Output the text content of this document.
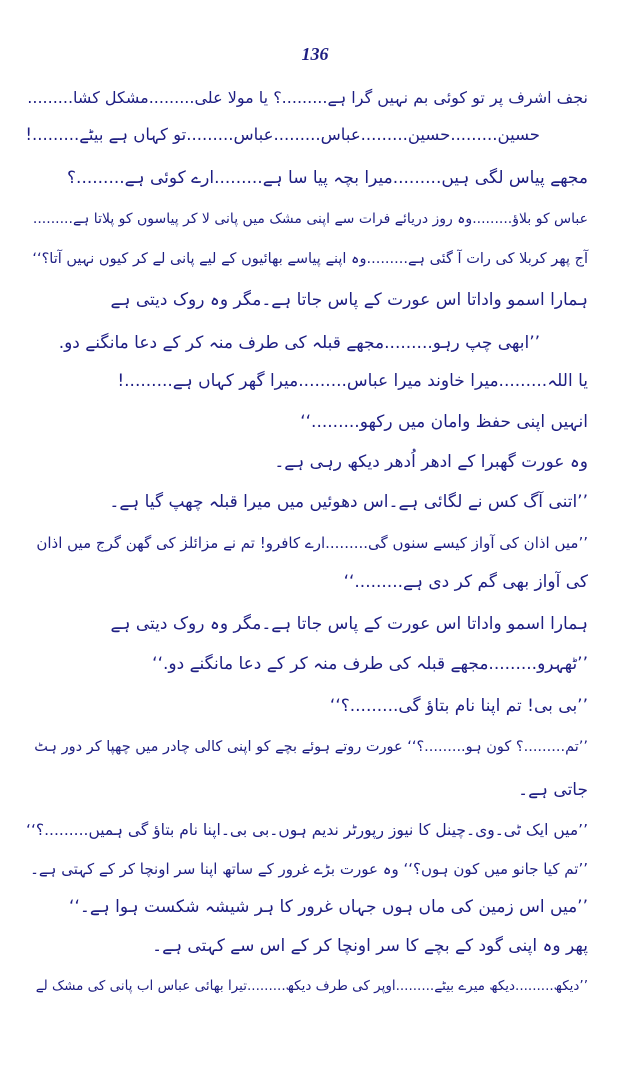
136
نجف اشرف پر تو کوئی بم نہیں گرا ہے.........؟ یا مولا علی.........مشکل کشا.........
حسین.........حسین.........عباس.........عباس.........تو کہاں ہے بیٹے.........!
مجھے پیاس لگی ہیں.........میرا بچہ پیا سا ہے.........ارے کوئی ہے.........؟
عباس کو بلاؤ.........وہ روز دریائے فرات سے اپنی مشک میں پانی لا کر پیاسوں کو پلاتا ہے.........
آج پھر کربلا کی رات آ گئی ہے.........وہ اپنے پیاسے بھائیوں کے لیے پانی لے کر کیوں نہیں آتا؟‘‘
ہمارا اسمو واداتا اس عورت کے پاس جاتا ہے۔مگر وہ روک دیتی ہے
’’ابھی چپ رہو.........مجھے قبلہ کی طرف منہ کر کے دعا مانگنے دو.
یا اللہ.........میرا خاوند میرا عباس.........میرا گھر کہاں ہے.........!
انہیں اپنی حفظ وامان میں رکھو.........‘‘
وہ عورت گھبرا کے ادھر اُدھر دیکھ رہی ہے۔
’’اتنی آگ کس نے لگائی ہے۔اس دھوئیں میں میرا قبلہ چھپ گیا ہے۔
’’میں اذان کی آواز کیسے سنوں گی.........ارے کافرو! تم نے مزائلز کی گھن گرج میں اذان
کی آواز بھی گم کر دی ہے.........‘‘
ہمارا اسمو واداتا اس عورت کے پاس جاتا ہے۔مگر وہ روک دیتی ہے
’’ٹھہرو.........مجھے قبلہ کی طرف منہ کر کے دعا مانگنے دو.‘‘
’’بی بی! تم اپنا نام بتاؤ گی.........؟‘‘
’’تم.........؟ کون ہو.........؟‘‘ عورت روتے ہوئے بچے کو اپنی کالی چادر میں چھپا کر دور ہٹ
جاتی ہے۔
’’میں ایک ٹی۔وی۔چینل کا نیوز رپورٹر ندیم ہوں۔بی بی۔اپنا نام بتاؤ گی ہمیں.........؟‘‘
’’تم کیا جانو میں کون ہوں؟‘‘ وہ عورت بڑے غرور کے ساتھ اپنا سر اونچا کر کے کہتی ہے۔
’’میں اس زمین کی ماں ہوں جہاں غرور کا ہر شیشہ شکست ہوا ہے۔‘‘
پھر وہ اپنی گود کے بچے کا سر اونچا کر کے اس سے کہتی ہے۔
’’دیکھ.........دیکھ میرے بیٹے.........اوپر کی طرف دیکھ.........تیرا بھائی عباس اب پانی کی مشک لے
